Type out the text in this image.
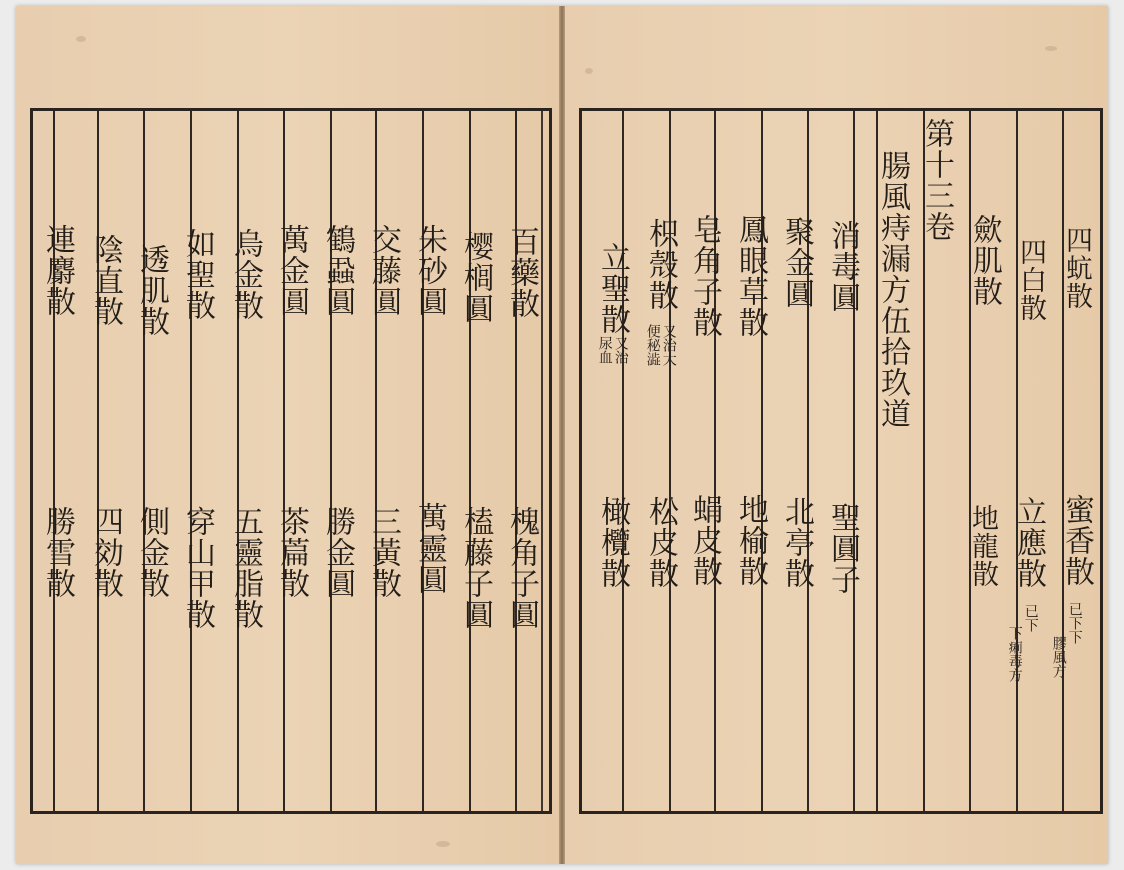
百藥散
樱榈圓
朱砂圓
交藤圓
鶴蝨圓
萬金圓
烏金散
如聖散
透肌散
陰直散
連麝散
槐角子圓
榼藤子圓
萬靈圓
三黃散
勝金圓
茶萹散
五靈脂散
穿山甲散
側金散
四効散
勝雪散
四蚢散
蜜香散
已下下
膠風方
四白散
立應散
已下
下痢毒方
歛肌散
地龍散
第十三卷
腸風痔漏方伍拾玖道
消毒圓
聖圓子
聚金圓
北亭散
鳳眼草散
地榆散
皂角子散
蜎皮散
枳殼散
又治大
便秘澁
松皮散
立聖散
又治
尿血
橄欖散
